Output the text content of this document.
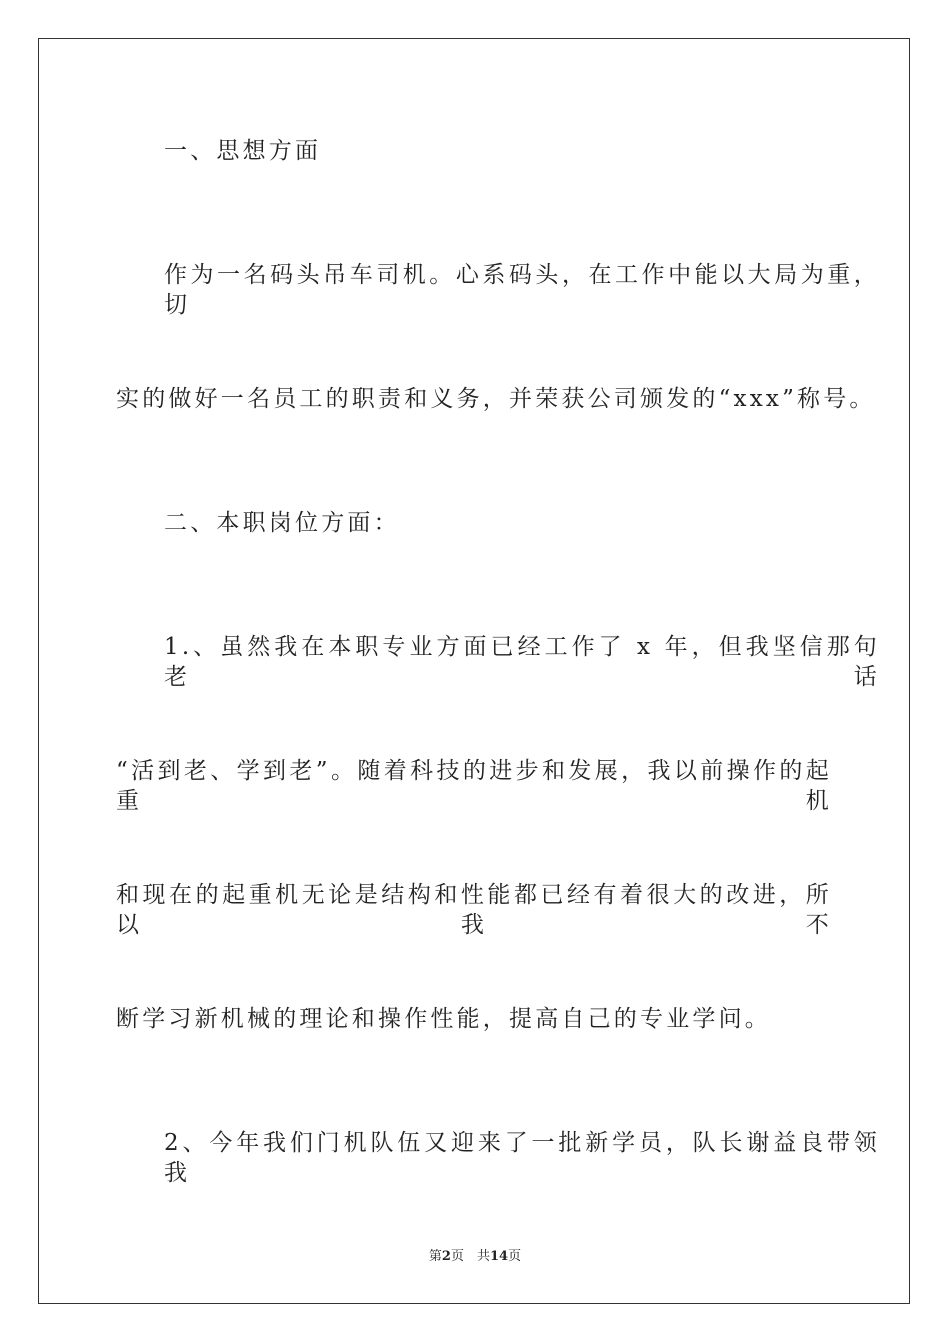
一、思想方面
作为一名码头吊车司机。心系码头，在工作中能以大局为重，切
实的做好一名员工的职责和义务，并荣获公司颁发的“xxx”称号。
二、本职岗位方面：
1.、虽然我在本职专业方面已经工作了 x 年，但我坚信那句老话
“活到老、学到老”。随着科技的进步和发展，我以前操作的起重机
和现在的起重机无论是结构和性能都已经有着很大的改进，所以我不
断学习新机械的理论和操作性能，提高自己的专业学问。
2、今年我们门机队伍又迎来了一批新学员，队长谢益良带领我
第2页　共14页
